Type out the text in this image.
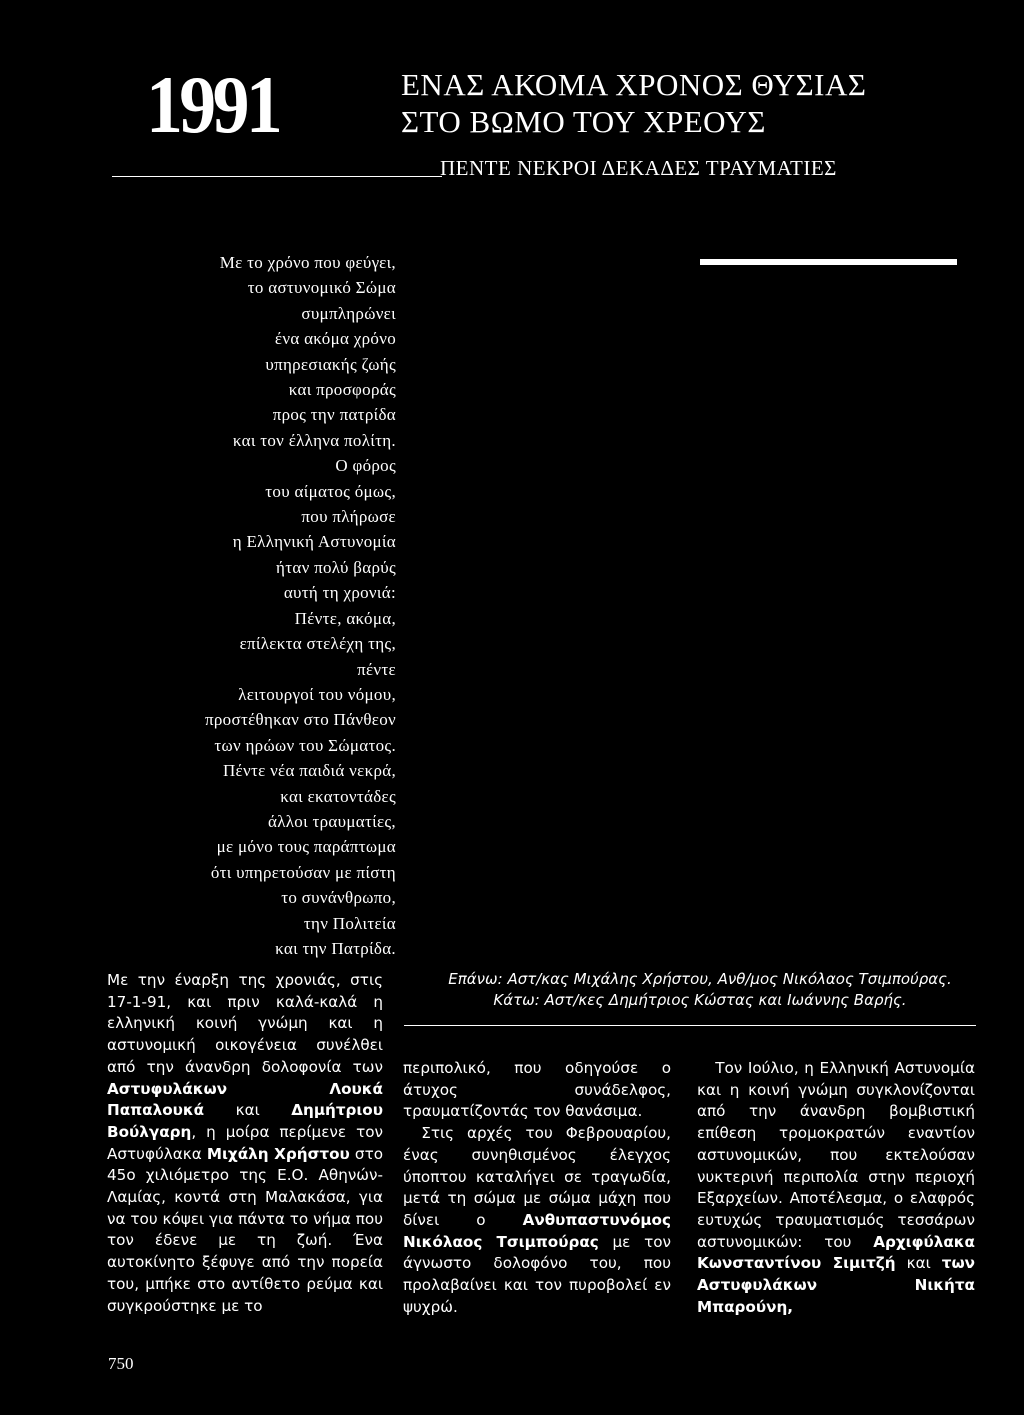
1991	ΕΝΑΣ ΑΚΟΜΑ ΧΡΟΝΟΣ ΘΥΣΙΑΣ
ΣΤΟ ΒΩΜΟ ΤΟΥ ΧΡΕΟΥΣ
ΠΕΝΤΕ ΝΕΚΡΟΙ ΔΕΚΑΔΕΣ ΤΡΑΥΜΑΤΙΕΣ
Με το χρόνο που φεύγει,
το αστυνομικό Σώμα
συμπληρώνει
ένα ακόμα χρόνο
υπηρεσιακής ζωής
και προσφοράς
προς την πατρίδα
και τον έλληνα πολίτη.
Ο φόρος
του αίματος όμως,
που πλήρωσε
η Ελληνική Αστυνομία
ήταν πολύ βαρύς
αυτή τη χρονιά:
Πέντε, ακόμα,
επίλεκτα στελέχη της,
πέντε
λειτουργοί του νόμου,
προστέθηκαν στο Πάνθεον
των ηρώων του Σώματος.
Πέντε νέα παιδιά νεκρά,
και εκατοντάδες
άλλοι τραυματίες,
με μόνο τους παράπτωμα
ότι υπηρετούσαν με πίστη
το συνάνθρωπο,
την Πολιτεία
και την Πατρίδα.
Επάνω: Αστ/κας Μιχάλης Χρήστου, Ανθ/μος Νικόλαος Τσιμπούρας.
Κάτω: Αστ/κες Δημήτριος Κώστας και Ιωάννης Βαρής.

Με την έναρξη της χρονιάς, στις 17-1-91, και πριν καλά-καλά η ελληνική κοινή γνώμη και η αστυνομική οικογένεια συνέλθει από την άνανδρη δολοφονία των Αστυφυλάκων Λουκά Παπαλουκά και Δημήτριου Βούλγαρη, η μοίρα περίμενε τον Αστυφύλακα Μιχάλη Χρήστου στο 45ο χιλιόμετρο της Ε.Ο. Αθηνών-Λαμίας, κοντά στη Μαλακάσα, για να του κόψει για πάντα το νήμα που τον έδενε με τη ζωή. Ένα αυτοκίνητο ξέφυγε από την πορεία του, μπήκε στο αντίθετο ρεύμα και συγκρούστηκε με το

περιπολικό, που οδηγούσε ο άτυχος συνάδελφος, τραυματίζοντάς τον θανάσιμα.

Στις αρχές του Φεβρουαρίου, ένας συνηθισμένος έλεγχος ύποπτου καταλήγει σε τραγωδία, μετά τη σώμα με σώμα μάχη που δίνει ο Ανθυπαστυνόμος Νικόλαος Τσιμπούρας με τον άγνωστο δολοφόνο του, που προλαβαίνει και τον πυροβολεί εν ψυχρώ.

Τον Ιούλιο, η Ελληνική Αστυνομία και η κοινή γνώμη συγκλονίζονται από την άνανδρη βομβιστική επίθεση τρομοκρατών εναντίον αστυνομικών, που εκτελούσαν νυκτερινή περιπολία στην περιοχή Εξαρχείων. Αποτέλεσμα, ο ελαφρός ευτυχώς τραυματισμός τεσσάρων αστυνομικών: του Αρχιφύλακα Κωνσταντίνου Σιμιτζή και των Αστυφυλάκων Νικήτα Μπαρούνη,

750
